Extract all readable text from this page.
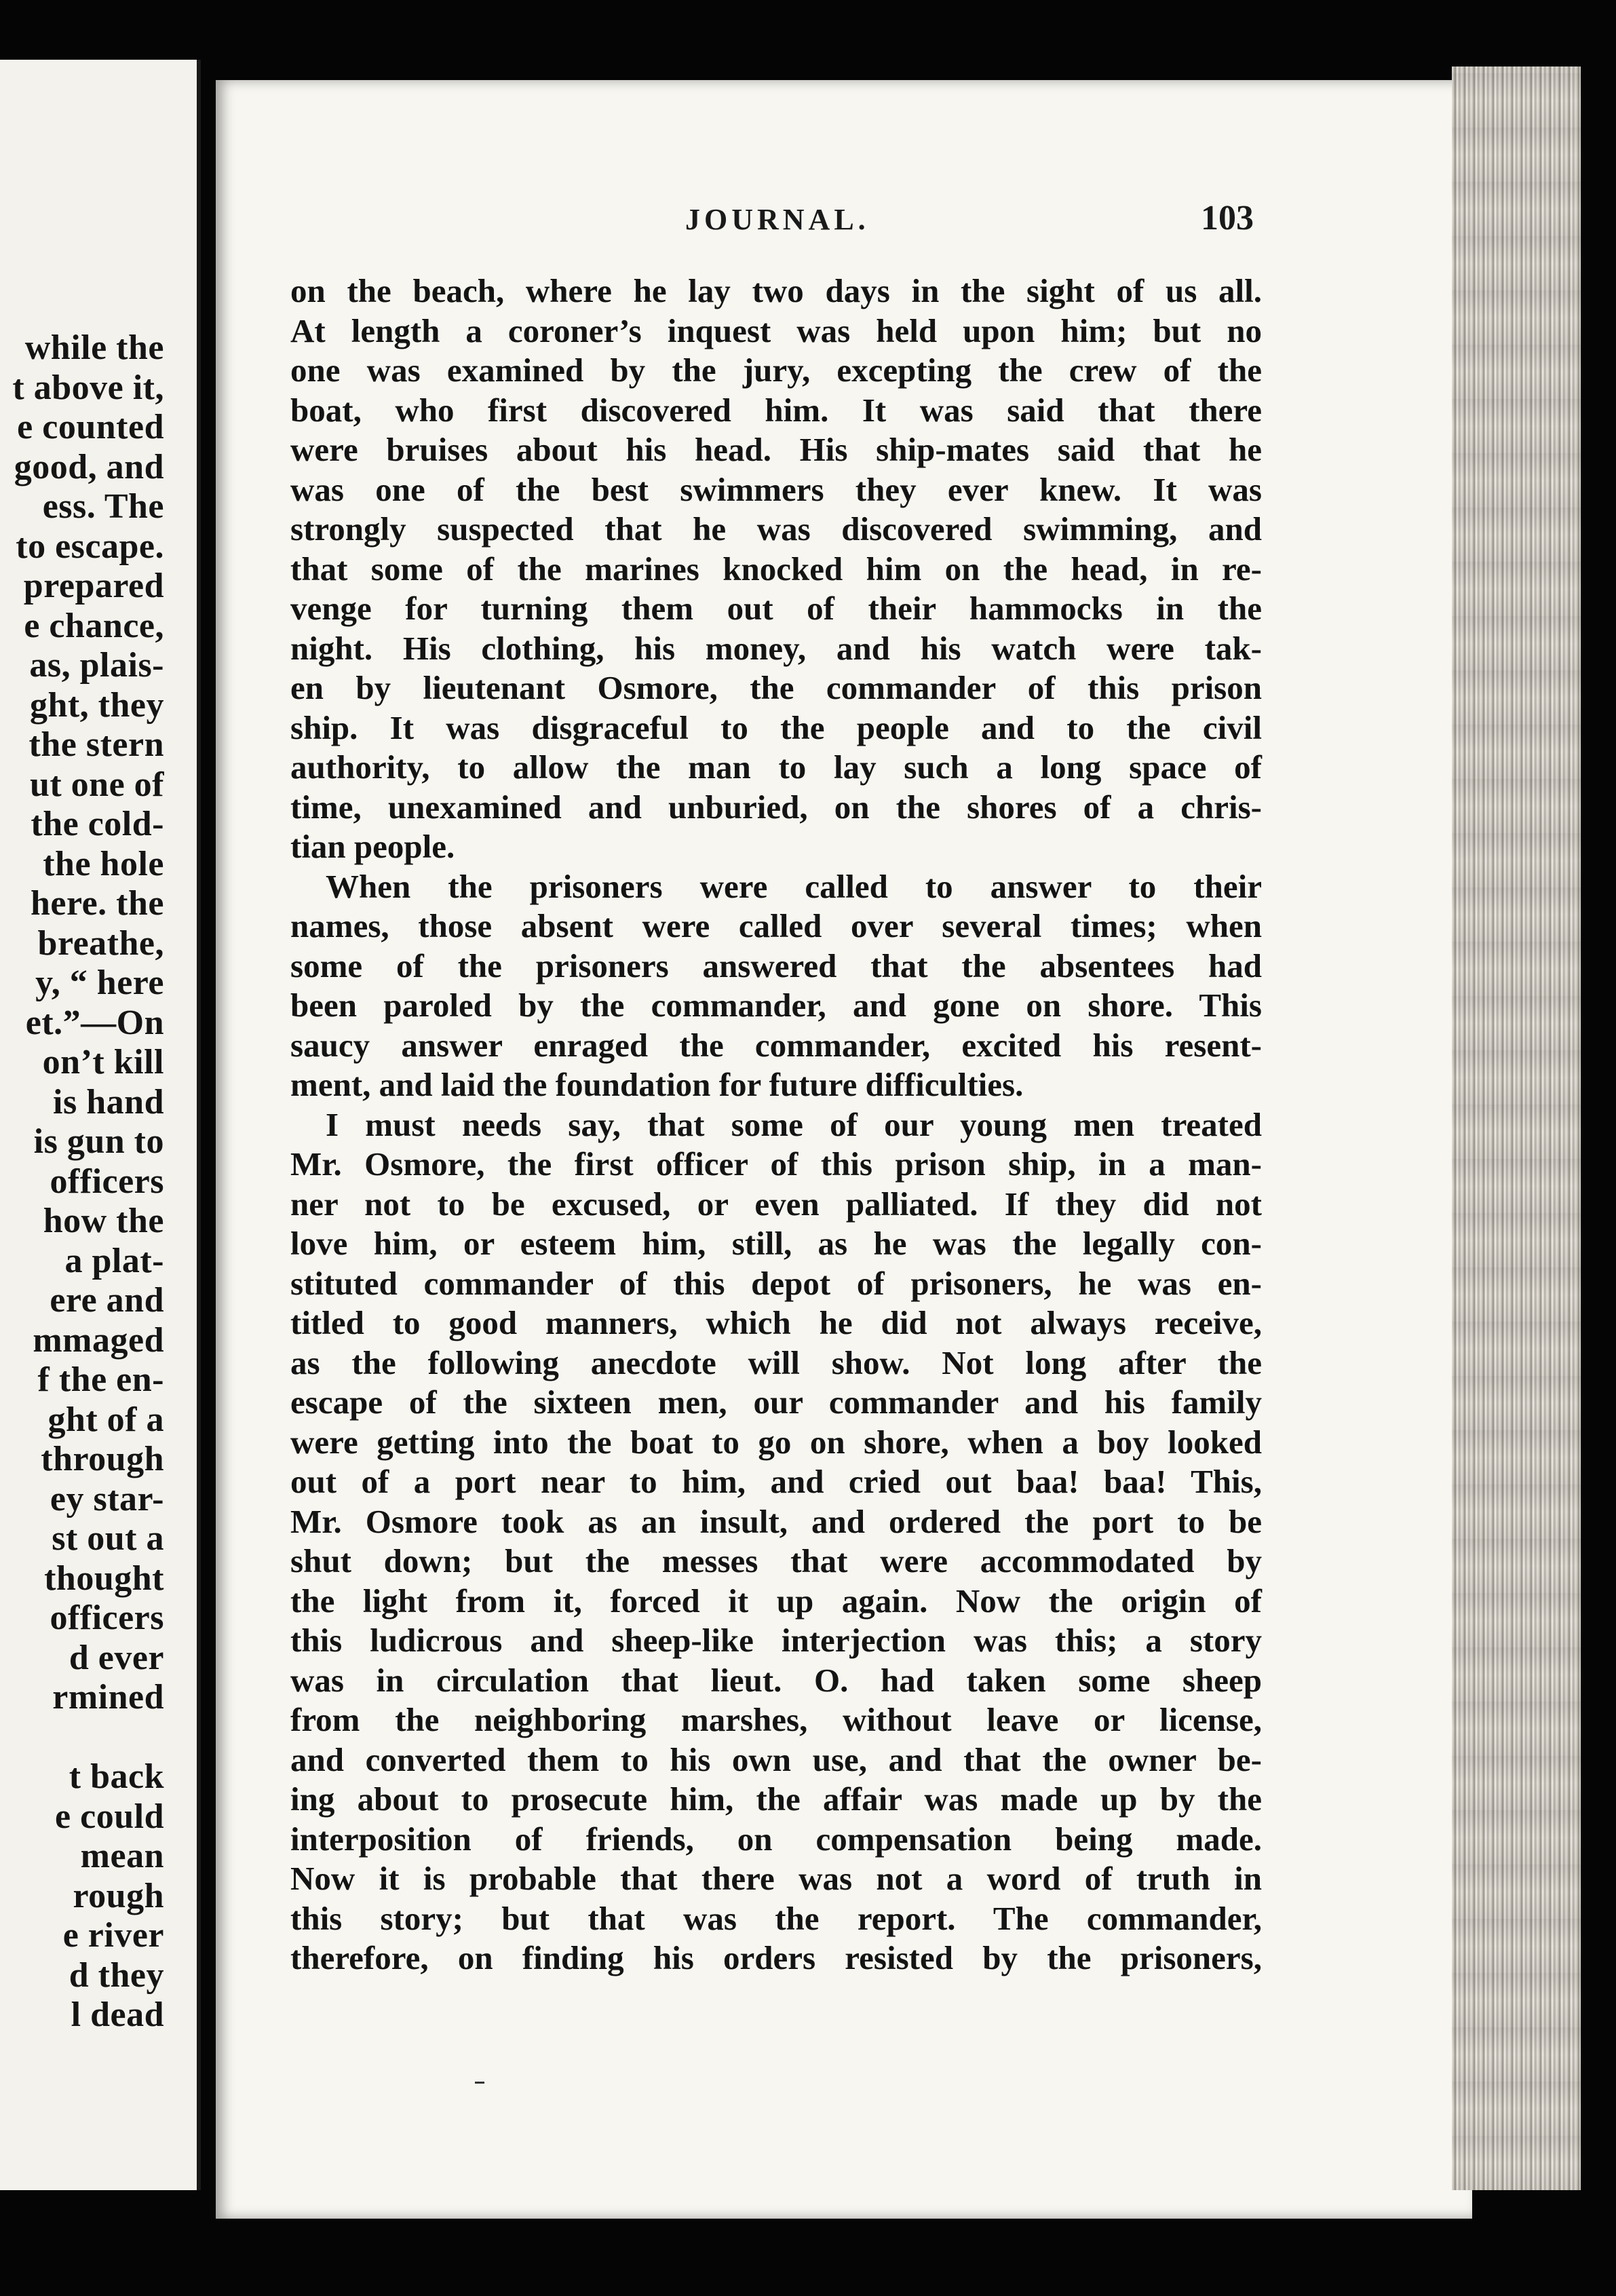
while the
t above it,
e counted
good, and
ess. The
to escape.
prepared
e chance,
as, plais-
ght, they
the stern
ut one of
the cold-
the hole
here. the
breathe,
y, “ here
et.”—On
on’t kill
is hand
is gun to
officers
how the
a plat-
ere and
mmaged
f the en-
ght of a
through
ey star-
st out a
thought
officers
d ever
rmined
t back
e could
mean
rough
e river
d they
l dead
JOURNAL.	103
on the beach, where he lay two days in the sight of us all.
At length a coroner’s inquest was held upon him; but no
one was examined by the jury, excepting the crew of the
boat, who first discovered him. It was said that there
were bruises about his head. His ship-mates said that he
was one of the best swimmers they ever knew. It was
strongly suspected that he was discovered swimming, and
that some of the marines knocked him on the head, in re-
venge for turning them out of their hammocks in the
night. His clothing, his money, and his watch were tak-
en by lieutenant Osmore, the commander of this prison
ship. It was disgraceful to the people and to the civil
authority, to allow the man to lay such a long space of
time, unexamined and unburied, on the shores of a chris-
tian people.
When the prisoners were called to answer to their
names, those absent were called over several times; when
some of the prisoners answered that the absentees had
been paroled by the commander, and gone on shore. This
saucy answer enraged the commander, excited his resent-
ment, and laid the foundation for future difficulties.
I must needs say, that some of our young men treated
Mr. Osmore, the first officer of this prison ship, in a man-
ner not to be excused, or even palliated. If they did not
love him, or esteem him, still, as he was the legally con-
stituted commander of this depot of prisoners, he was en-
titled to good manners, which he did not always receive,
as the following anecdote will show. Not long after the
escape of the sixteen men, our commander and his family
were getting into the boat to go on shore, when a boy looked
out of a port near to him, and cried out baa! baa! This,
Mr. Osmore took as an insult, and ordered the port to be
shut down; but the messes that were accommodated by
the light from it, forced it up again. Now the origin of
this ludicrous and sheep-like interjection was this; a story
was in circulation that lieut. O. had taken some sheep
from the neighboring marshes, without leave or license,
and converted them to his own use, and that the owner be-
ing about to prosecute him, the affair was made up by the
interposition of friends, on compensation being made.
Now it is probable that there was not a word of truth in
this story; but that was the report. The commander,
therefore, on finding his orders resisted by the prisoners,
